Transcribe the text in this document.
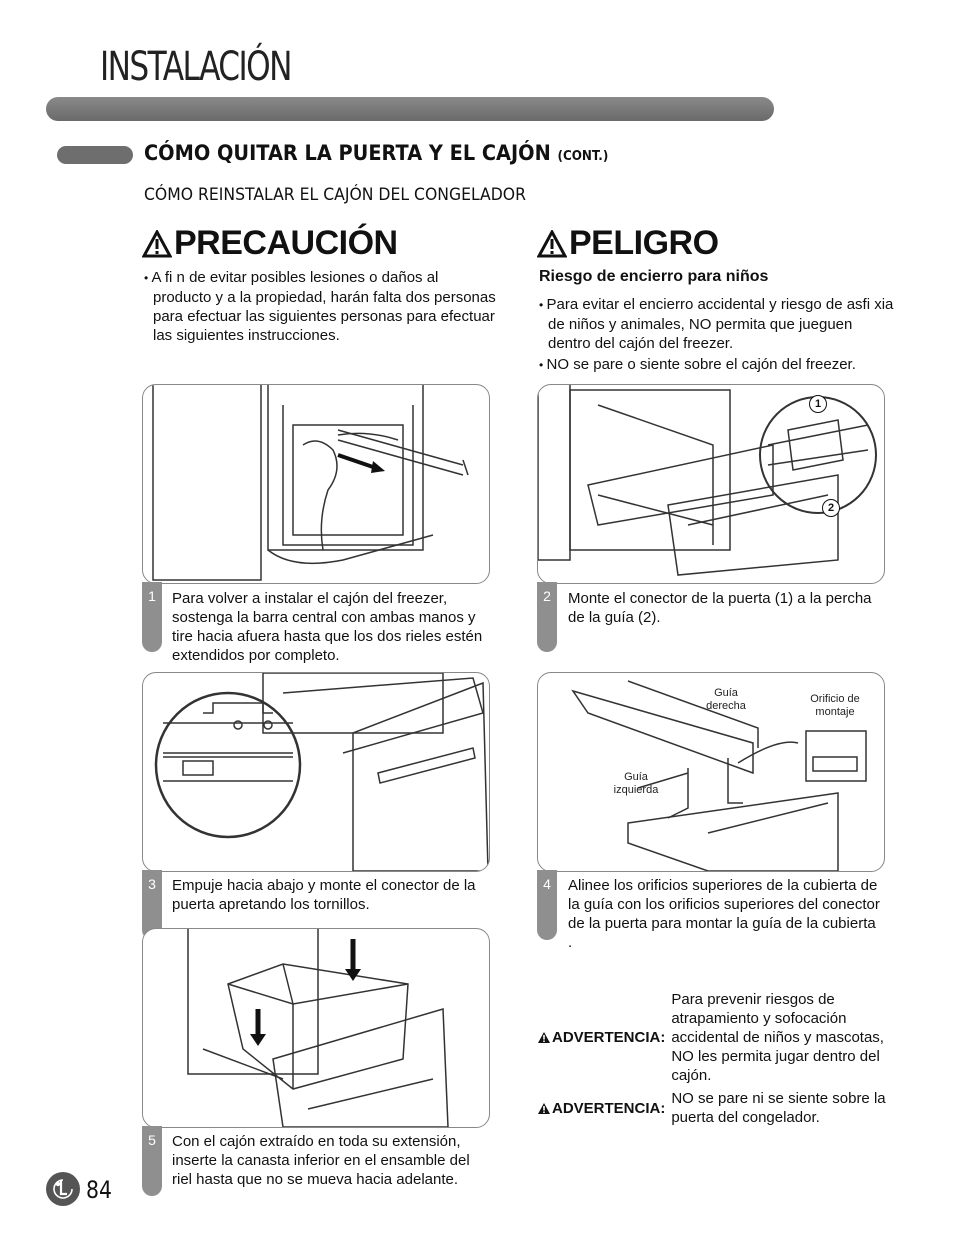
INSTALACIÓN
CÓMO QUITAR LA PUERTA Y EL CAJÓN (CONT.)
CÓMO REINSTALAR EL CAJÓN DEL CONGELADOR
PRECAUCIÓN
• A fi n de evitar posibles lesiones o daños al producto y a la propiedad, harán falta dos personas para efectuar las siguientes personas para efectuar las siguientes instrucciones.
PELIGRO
Riesgo de encierro para niños
• Para evitar el encierro accidental y riesgo de asfi xia de niños y animales, NO permita que jueguen dentro del cajón del freezer.
• NO se pare o siente sobre el cajón del freezer.
1	Para volver a instalar el cajón del freezer, sostenga la barra central con ambas manos y tire hacia afuera hasta que los dos rieles estén extendidos por completo.
1
2
2	Monte el conector de la puerta (1) a la percha de la guía (2).
3	Empuje hacia abajo y monte el conector de la puerta apretando los tornillos.
Guía derecha
Orificio de montaje
Guía izquierda
4	Alinee los orificios superiores de la cubierta de la guía con los orificios superiores del conector de la puerta para montar la guía de la cubierta .
5	Con el cajón extraído en toda su extensión, inserte la canasta inferior en el ensamble del riel hasta que no se mueva hacia adelante.
ADVERTENCIA:
Para prevenir riesgos de atrapamiento y sofocación accidental de niños y mascotas, NO les permita jugar dentro del cajón.
ADVERTENCIA:
NO se pare ni se siente sobre la puerta del congelador.
84
